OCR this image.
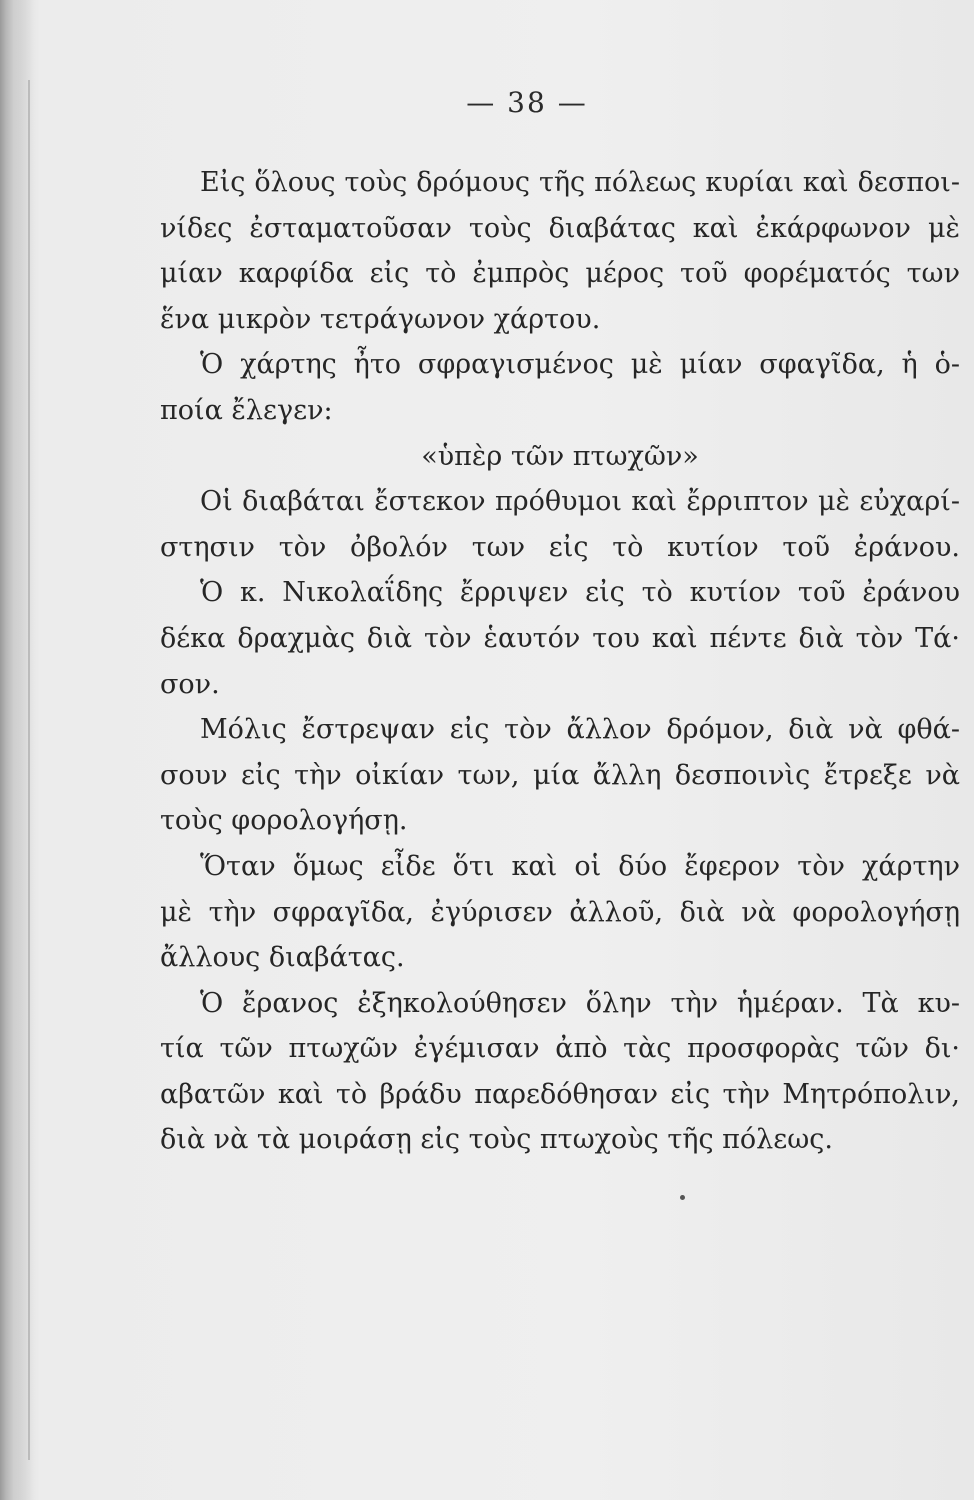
— 38 —
Εἰς ὅλους τοὺς δρόμους τῆς πόλεως κυρίαι καὶ δεσποι-
νίδες ἐσταματοῦσαν τοὺς διαβάτας καὶ ἐκάρφωνον μὲ
μίαν καρφίδα εἰς τὸ ἐμπρὸς μέρος τοῦ φορέματός των
ἕνα μικρὸν τετράγωνον χάρτου.
Ὁ χάρτης ἦτο σφραγισμένος μὲ μίαν σφαγῖδα, ἡ ὁ-
ποία ἔλεγεν:
«ὑπὲρ τῶν πτωχῶν»
Οἱ διαβάται ἔστεκον πρόθυμοι καὶ ἔρριπτον μὲ εὐχαρί-
στησιν τὸν ὀβολόν των εἰς τὸ κυτίον τοῦ ἐράνου.
Ὁ κ. Νικολαΐδης ἔρριψεν εἰς τὸ κυτίον τοῦ ἐράνου
δέκα δραχμὰς διὰ τὸν ἑαυτόν του καὶ πέντε διὰ τὸν Τά·
σον.
Μόλις ἔστρεψαν εἰς τὸν ἄλλον δρόμον, διὰ νὰ φθά-
σουν εἰς τὴν οἰκίαν των, μία ἄλλη δεσποινὶς ἔτρεξε νὰ
τοὺς φορολογήσῃ.
Ὅταν ὅμως εἶδε ὅτι καὶ οἱ δύο ἔφερον τὸν χάρτην
μὲ τὴν σφραγῖδα, ἐγύρισεν ἀλλοῦ, διὰ νὰ φορολογήσῃ
ἄλλους διαβάτας.
Ὁ ἔρανος ἐξηκολούθησεν ὅλην τὴν ἡμέραν. Τὰ κυ-
τία τῶν πτωχῶν ἐγέμισαν ἀπὸ τὰς προσφορὰς τῶν δι·
αβατῶν καὶ τὸ βράδυ παρεδόθησαν εἰς τὴν Μητρόπολιν,
διὰ νὰ τὰ μοιράσῃ εἰς τοὺς πτωχοὺς τῆς πόλεως.
